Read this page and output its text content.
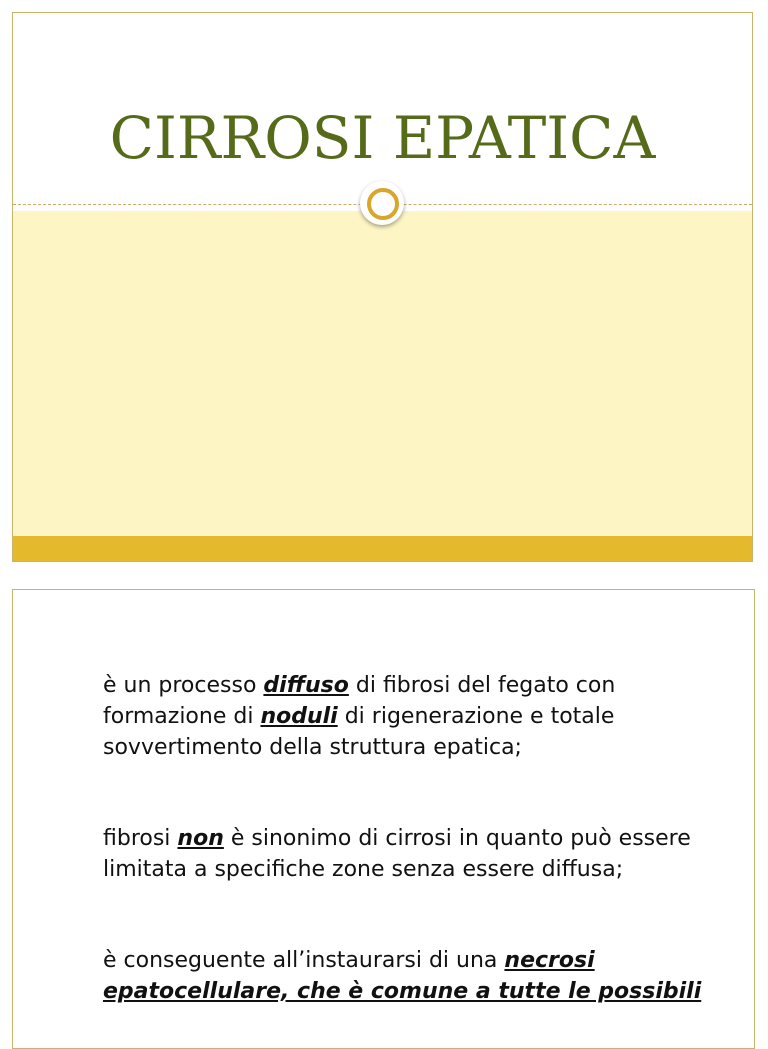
CIRROSI EPATICA
è un processo diffuso di fibrosi del fegato con formazione di noduli di rigenerazione e totale sovvertimento della struttura epatica;
fibrosi non è sinonimo di cirrosi in quanto può essere limitata a specifiche zone senza essere diffusa;
è conseguente all’instaurarsi di una necrosi epatocellulare, che è comune a tutte le possibili
